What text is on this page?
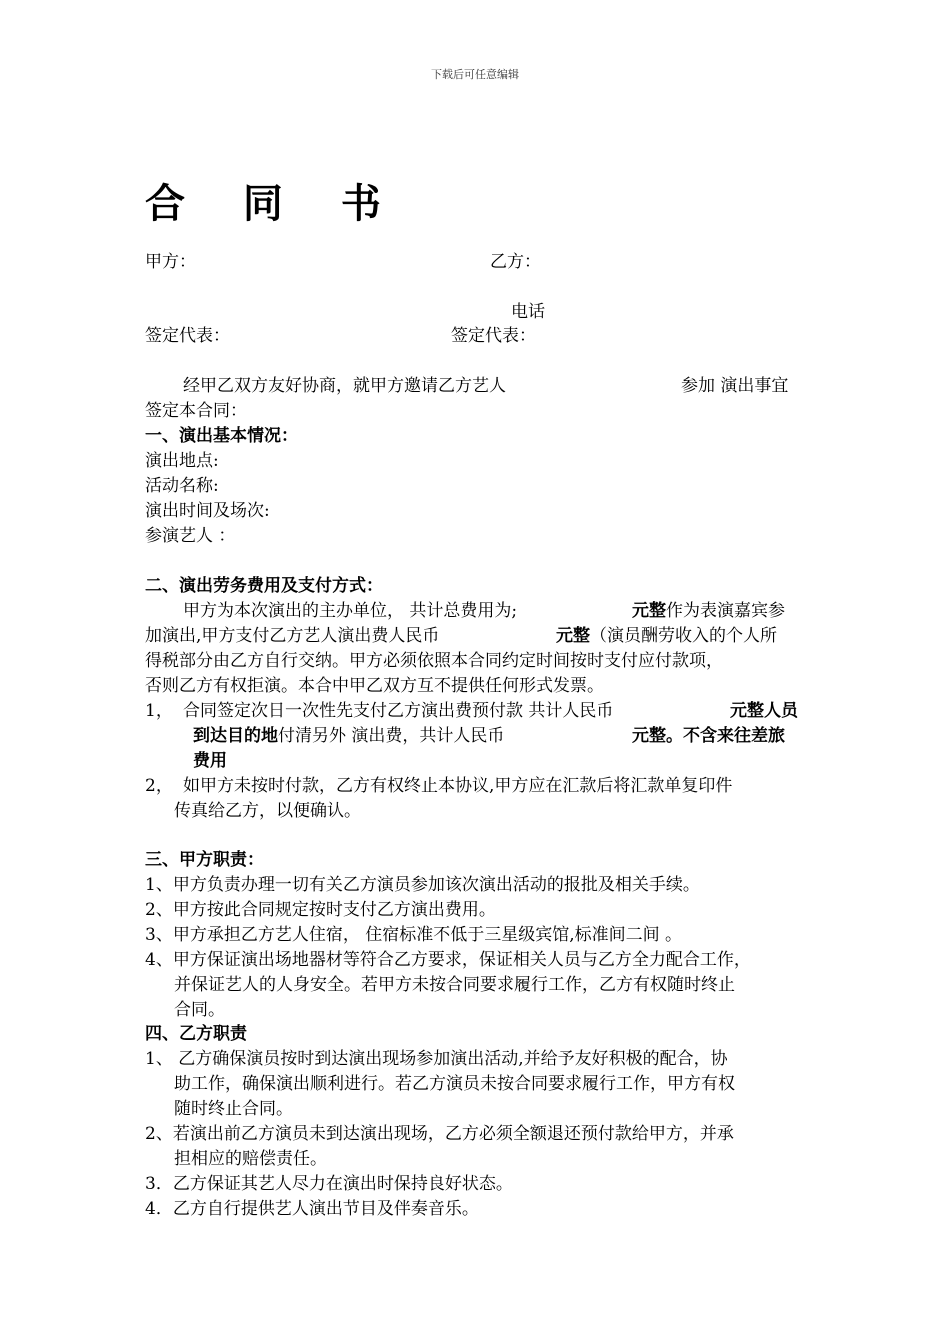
下载后可任意编辑
合 同 书
甲方：	乙方：
电话
签定代表：	签定代表：
经甲乙双方友好协商，就甲方邀请乙方艺人	参加 演出事宜
签定本合同：
一、演出基本情况：
演出地点:
活动名称:
演出时间及场次:
参演艺人 ：
二、演出劳务费用及支付方式：
甲方为本次演出的主办单位， 共计总费用为;	元整 作为表演嘉宾参
加演出,甲方支付乙方艺人演出费人民币	元整 （演员酬劳收入的个人所
得税部分由乙方自行交纳。甲方必须依照本合同约定时间按时支付应付款项，
否则乙方有权拒演。本合中甲乙双方互不提供任何形式发票。
1， 合同签定次日一次性先支付乙方演出费预付款 共计人民币	元整人员
到达目的地付清另外 演出费，共计人民币	元整 。不含来往差旅
费用
2， 如甲方未按时付款，乙方有权终止本协议,甲方应在汇款后将汇款单复印件
传真给乙方，以便确认。
三、甲方职责：
1、甲方负责办理一切有关乙方演员参加该次演出活动的报批及相关手续。
2、甲方按此合同规定按时支付乙方演出费用。
3、甲方承担乙方艺人住宿， 住宿标准不低于三星级宾馆,标准间二间 。
4、甲方保证演出场地器材等符合乙方要求，保证相关人员与乙方全力配合工作，
并保证艺人的人身安全。若甲方未按合同要求履行工作，乙方有权随时终止
合同。
四、乙方职责
1、 乙方确保演员按时到达演出现场参加演出活动,并给予友好积极的配合，协
助工作，确保演出顺利进行。若乙方演员未按合同要求履行工作，甲方有权
随时终止合同。
2、若演出前乙方演员未到达演出现场，乙方必须全额退还预付款给甲方，并承
担相应的赔偿责任。
3．乙方保证其艺人尽力在演出时保持良好状态。
4．乙方自行提供艺人演出节目及伴奏音乐。
